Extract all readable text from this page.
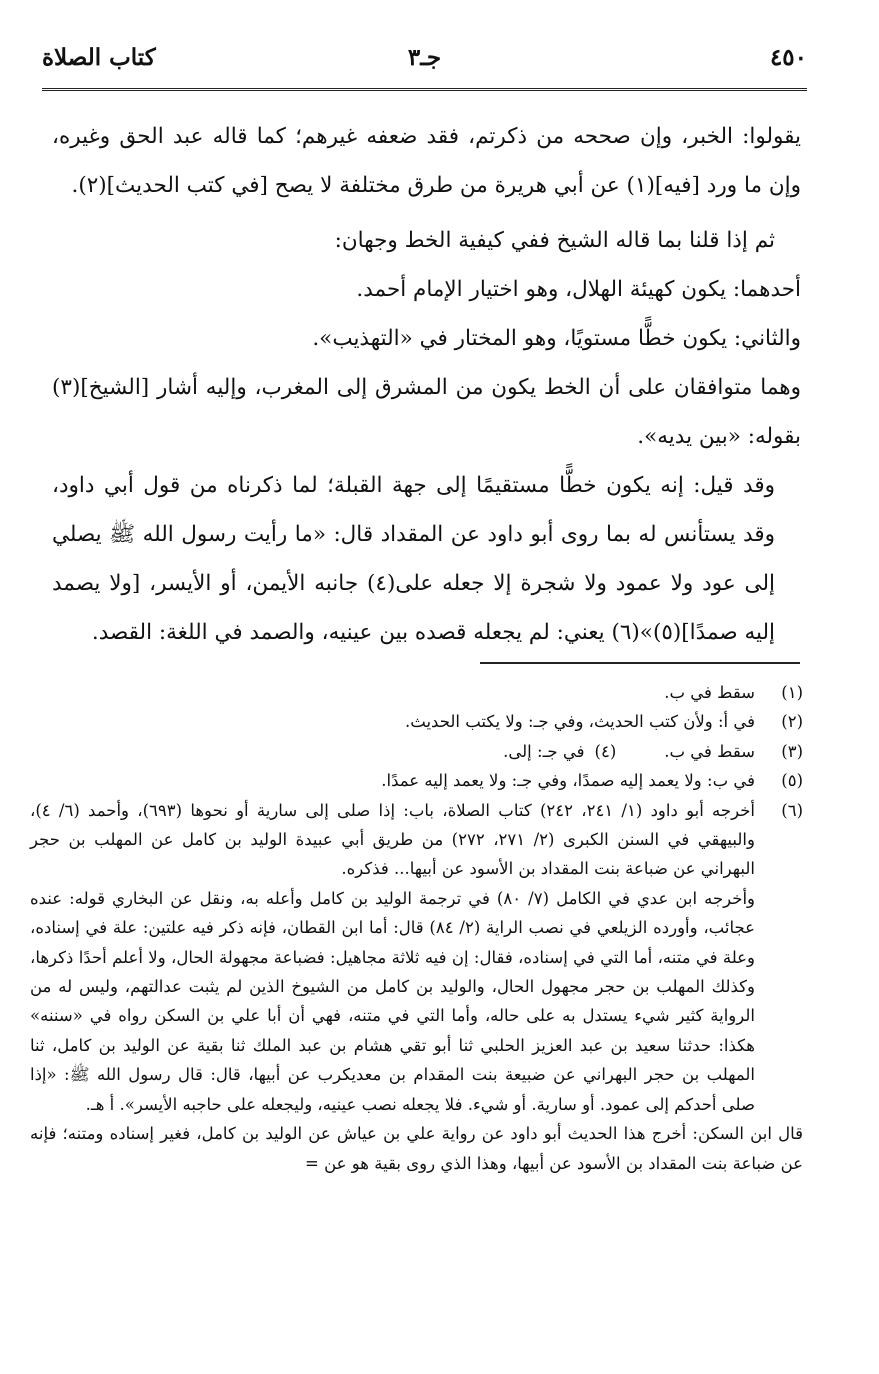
٤٥٠
جـ٣
كتاب الصلاة

يقولوا: الخبر، وإن صححه من ذكرتم، فقد ضعفه غيرهم؛ كما قاله عبد الحق وغيره، وإن ما ورد [فيه](١) عن أبي هريرة من طرق مختلفة لا يصح [في كتب الحديث](٢).

ثم إذا قلنا بما قاله الشيخ ففي كيفية الخط وجهان:

أحدهما: يكون كهيئة الهلال، وهو اختيار الإمام أحمد.

والثاني: يكون خطًّا مستويًا، وهو المختار في «التهذيب».

وهما متوافقان على أن الخط يكون من المشرق إلى المغرب، وإليه أشار [الشيخ](٣) بقوله: «بين يديه».

وقد قيل: إنه يكون خطًّا مستقيمًا إلى جهة القبلة؛ لما ذكرناه من قول أبي داود، وقد يستأنس له بما روى أبو داود عن المقداد قال: «ما رأيت رسول الله ﷺ يصلي إلى عود ولا عمود ولا شجرة إلا جعله على(٤) جانبه الأيمن، أو الأيسر، [ولا يصمد إليه صمدًا](٥)»(٦) يعني: لم يجعله قصده بين عينيه، والصمد في اللغة: القصد.

(١)
سقط في ب.
(٢)
في أ: ولأن كتب الحديث، وفي جـ: ولا يكتب الحديث.
(٣)
سقط في ب.
(٤)
في جـ: إلى.
(٥)
في ب: ولا يعمد إليه صمدًا، وفي جـ: ولا يعمد إليه عمدًا.
(٦)
أخرجه أبو داود (١/ ٢٤١، ٢٤٢) كتاب الصلاة، باب: إذا صلى إلى سارية أو نحوها (٦٩٣)، وأحمد (٦/ ٤)، والبيهقي في السنن الكبرى (٢/ ٢٧١، ٢٧٢) من طريق أبي عبيدة الوليد بن كامل عن المهلب بن حجر البهراني عن ضباعة بنت المقداد بن الأسود عن أبيها... فذكره.
وأخرجه ابن عدي في الكامل (٧/ ٨٠) في ترجمة الوليد بن كامل وأعله به، ونقل عن البخاري قوله: عنده عجائب، وأورده الزيلعي في نصب الراية (٢/ ٨٤) قال: أما ابن القطان، فإنه ذكر فيه علتين: علة في إسناده، وعلة في متنه، أما التي في إسناده، فقال: إن فيه ثلاثة مجاهيل: فضباعة مجهولة الحال، ولا أعلم أحدًا ذكرها، وكذلك المهلب بن حجر مجهول الحال، والوليد بن كامل من الشيوخ الذين لم يثبت عدالتهم، وليس له من الرواية كثير شيء يستدل به على حاله، وأما التي في متنه، فهي أن أبا علي بن السكن رواه في «سننه» هكذا: حدثنا سعيد بن عبد العزيز الحلبي ثنا أبو تقي هشام بن عبد الملك ثنا بقية عن الوليد بن كامل، ثنا المهلب بن حجر البهراني عن ضبيعة بنت المقدام بن معديكرب عن أبيها، قال: قال رسول الله ﷺ: «إذا صلى أحدكم إلى عمود. أو سارية. أو شيء. فلا يجعله نصب عينيه، وليجعله على حاجبه الأيسر». أ هـ.
قال ابن السكن: أخرج هذا الحديث أبو داود عن رواية علي بن عياش عن الوليد بن كامل، فغير إسناده ومتنه؛ فإنه عن ضباعة بنت المقداد بن الأسود عن أبيها، وهذا الذي روى بقية هو عن =
